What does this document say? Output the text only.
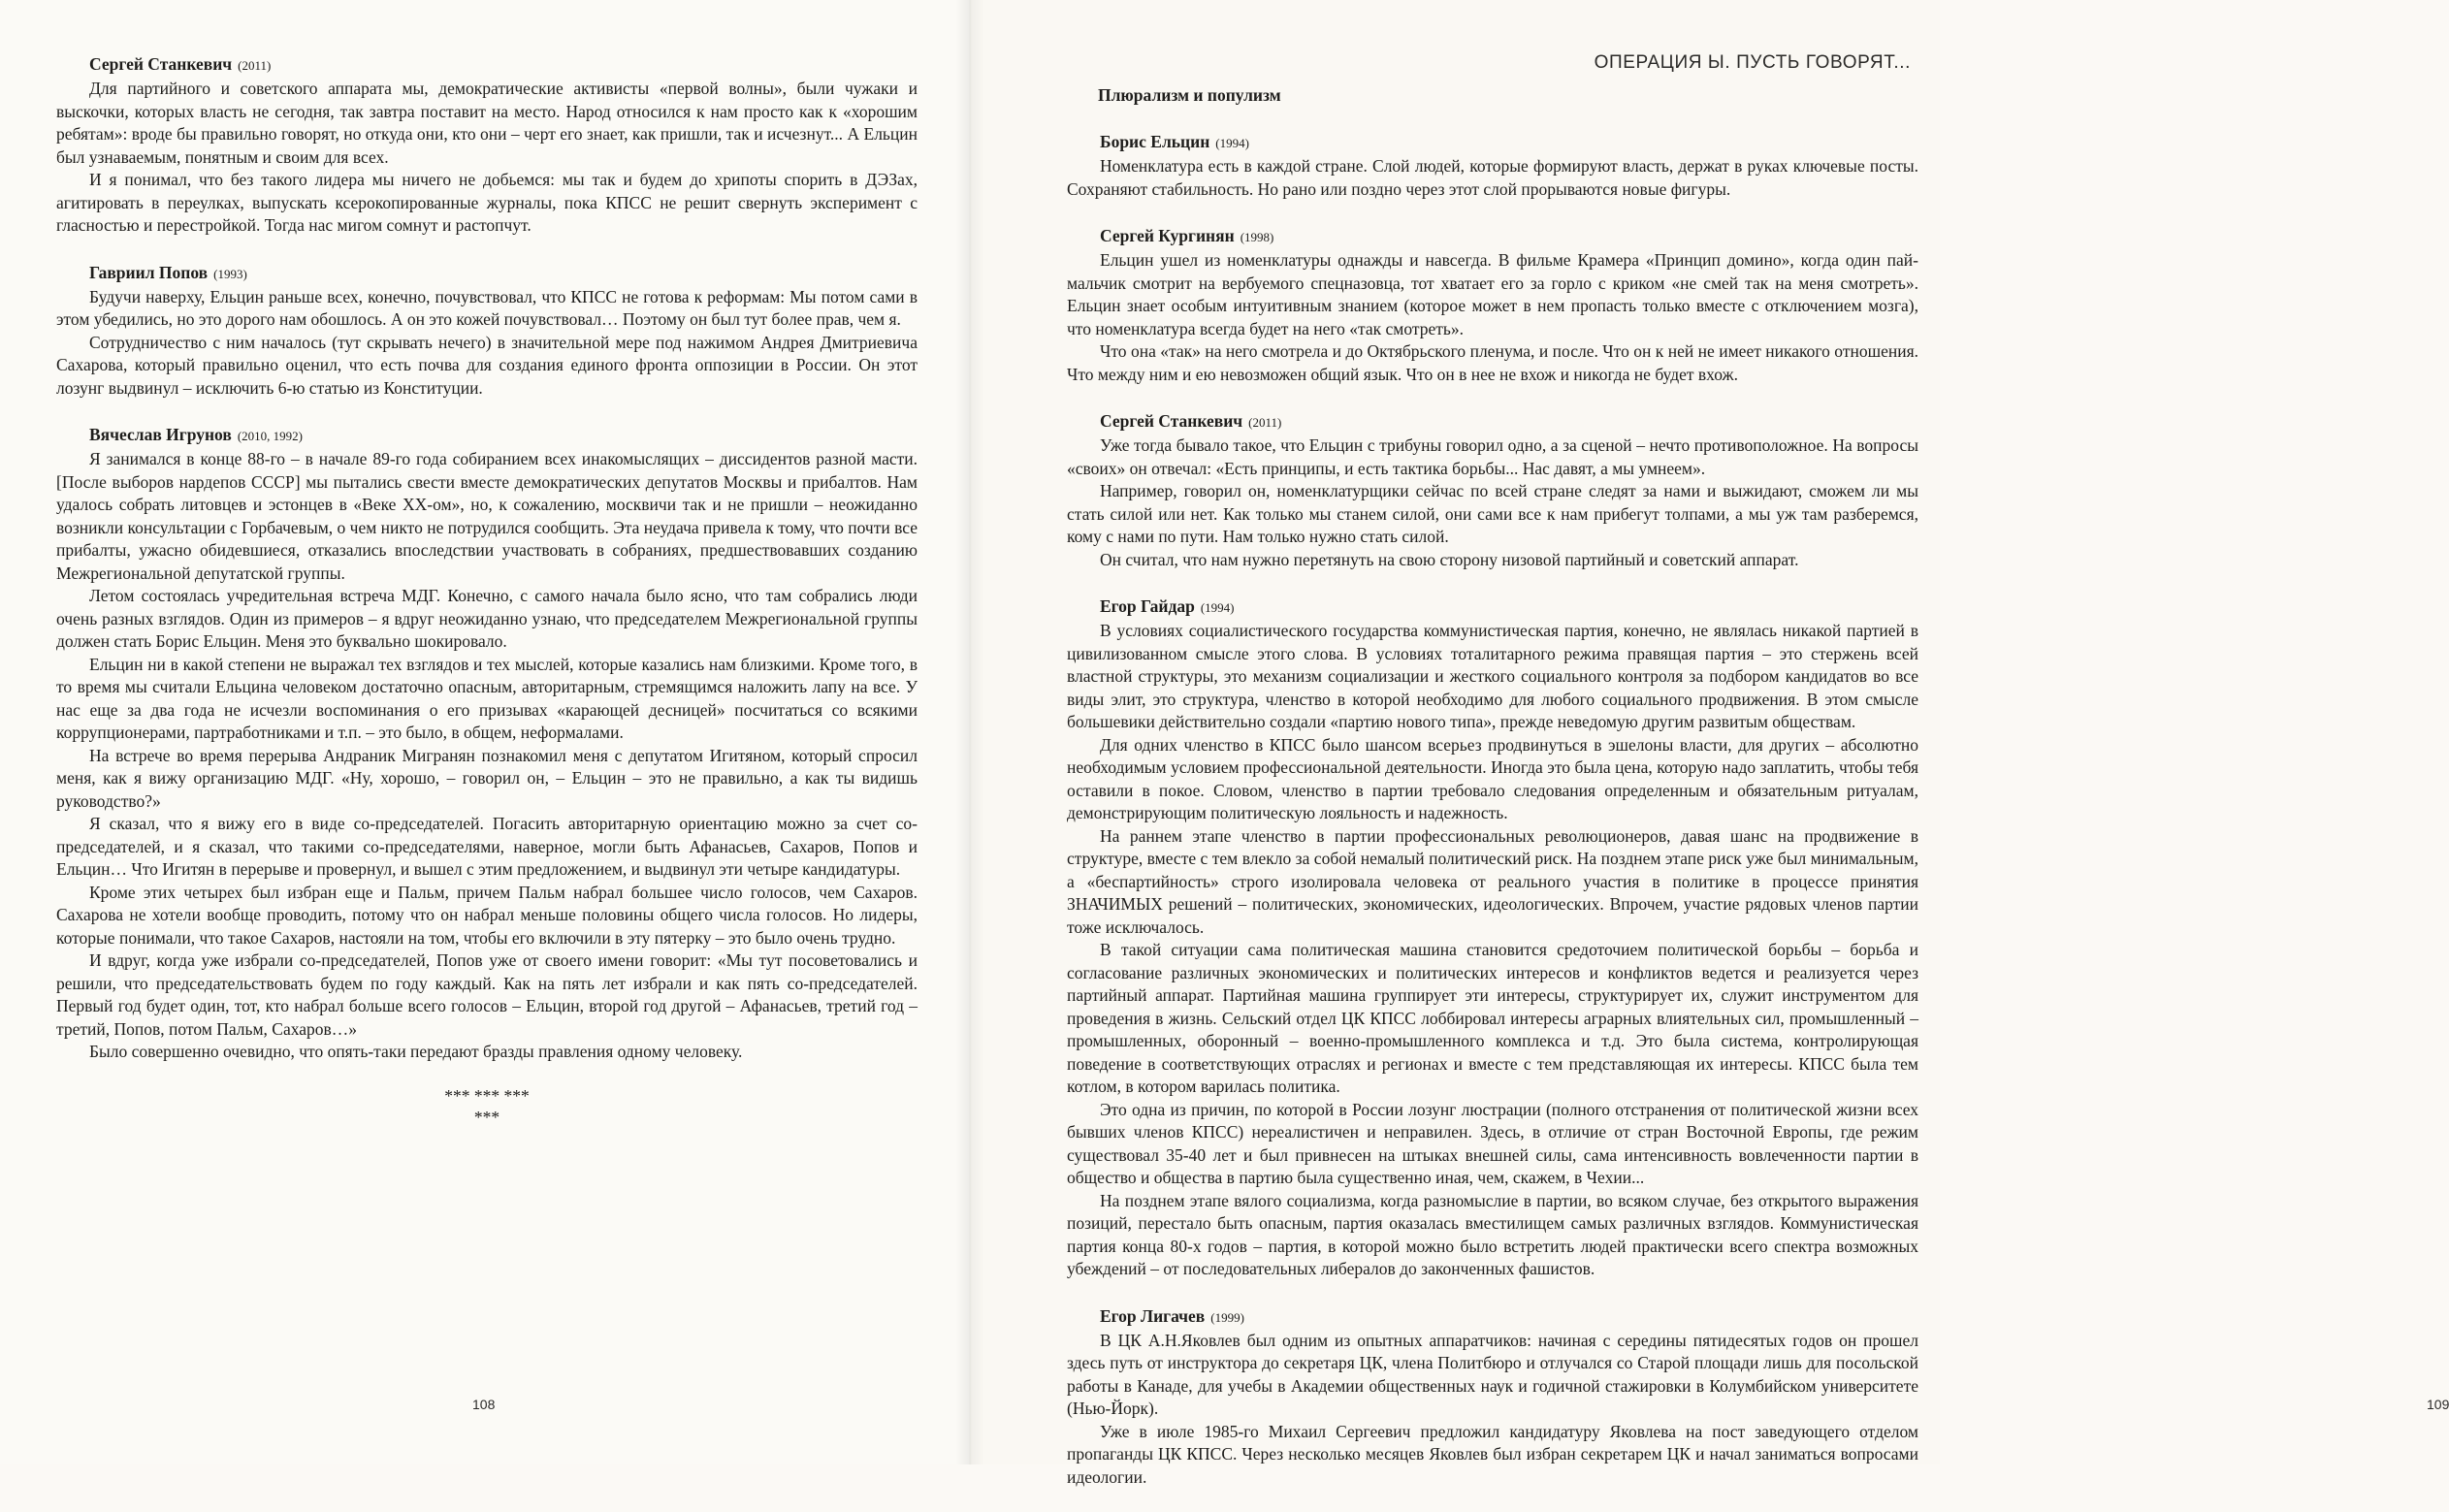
Сергей Станкевич (2011)

Для партийного и советского аппарата мы, демократические активисты «первой волны», были чужаки и выскочки, которых власть не сегодня, так завтра поставит на место. Народ относился к нам просто как к «хорошим ребятам»: вроде бы правильно говорят, но откуда они, кто они – черт его знает, как пришли, так и исчезнут... А Ельцин был узнаваемым, понятным и своим для всех.

И я понимал, что без такого лидера мы ничего не добьемся: мы так и будем до хрипоты спорить в ДЭЗах, агитировать в переулках, выпускать ксерокопированные журналы, пока КПСС не решит свернуть эксперимент с гласностью и перестройкой. Тогда нас мигом сомнут и растопчут.

Гавриил Попов (1993)

Будучи наверху, Ельцин раньше всех, конечно, почувствовал, что КПСС не готова к реформам: Мы потом сами в этом убедились, но это дорого нам обошлось. А он это кожей почувствовал… Поэтому он был тут более прав, чем я.

Сотрудничество с ним началось (тут скрывать нечего) в значительной мере под нажимом Андрея Дмитриевича Сахарова, который правильно оценил, что есть почва для создания единого фронта оппозиции в России. Он этот лозунг выдвинул – исключить 6-ю статью из Конституции.

Вячеслав Игрунов (2010, 1992)

Я занимался в конце 88-го – в начале 89-го года собиранием всех инакомыслящих – диссидентов разной масти. [После выборов нардепов СССР] мы пытались свести вместе демократических депутатов Москвы и прибалтов. Нам удалось собрать литовцев и эстонцев в «Веке ХХ-ом», но, к сожалению, москвичи так и не пришли – неожиданно возникли консультации с Горбачевым, о чем никто не потрудился сообщить. Эта неудача привела к тому, что почти все прибалты, ужасно обидевшиеся, отказались впоследствии участвовать в собраниях, предшествовавших созданию Межрегиональной депутатской группы.

Летом состоялась учредительная встреча МДГ. Конечно, с самого начала было ясно, что там собрались люди очень разных взглядов. Один из примеров – я вдруг неожиданно узнаю, что председателем Межрегиональной группы должен стать Борис Ельцин. Меня это буквально шокировало.

Ельцин ни в какой степени не выражал тех взглядов и тех мыслей, которые казались нам близкими. Кроме того, в то время мы считали Ельцина человеком достаточно опасным, авторитарным, стремящимся наложить лапу на все. У нас еще за два года не исчезли воспоминания о его призывах «карающей десницей» посчитаться со всякими коррупционерами, партработниками и т.п. – это было, в общем, неформалами.

На встрече во время перерыва Андраник Мигранян познакомил меня с депутатом Игитяном, который спросил меня, как я вижу организацию МДГ. «Ну, хорошо, – говорил он, – Ельцин – это не правильно, а как ты видишь руководство?»

Я сказал, что я вижу его в виде со-председателей. Погасить авторитарную ориентацию можно за счет со-председателей, и я сказал, что такими со-председателями, наверное, могли быть Афанасьев, Сахаров, Попов и Ельцин… Что Игитян в перерыве и провернул, и вышел с этим предложением, и выдвинул эти четыре кандидатуры.

Кроме этих четырех был избран еще и Пальм, причем Пальм набрал большее число голосов, чем Сахаров. Сахарова не хотели вообще проводить, потому что он набрал меньше половины общего числа голосов. Но лидеры, которые понимали, что такое Сахаров, настояли на том, чтобы его включили в эту пятерку – это было очень трудно.

И вдруг, когда уже избрали со-председателей, Попов уже от своего имени говорит: «Мы тут посоветовались и решили, что председательствовать будем по году каждый. Как на пять лет избрали и как пять со-председателей. Первый год будет один, тот, кто набрал больше всего голосов – Ельцин, второй год другой – Афанасьев, третий год – третий, Попов, потом Пальм, Сахаров…»

Было совершенно очевидно, что опять-таки передают бразды правления одному человеку.

*** *** ***
***
108
ОПЕРАЦИЯ Ы. ПУСТЬ ГОВОРЯТ...
Плюрализм и популизм
Борис Ельцин (1994)

Номенклатура есть в каждой стране. Слой людей, которые формируют власть, держат в руках ключевые посты. Сохраняют стабильность. Но рано или поздно через этот слой прорываются новые фигуры.

Сергей Кургинян (1998)

Ельцин ушел из номенклатуры однажды и навсегда. В фильме Крамера «Принцип домино», когда один пай-мальчик смотрит на вербуемого спецназовца, тот хватает его за горло с криком «не смей так на меня смотреть». Ельцин знает особым интуитивным знанием (которое может в нем пропасть только вместе с отключением мозга), что номенклатура всегда будет на него «так смотреть».

Что она «так» на него смотрела и до Октябрьского пленума, и после. Что он к ней не имеет никакого отношения. Что между ним и ею невозможен общий язык. Что он в нее не вхож и никогда не будет вхож.

Сергей Станкевич (2011)

Уже тогда бывало такое, что Ельцин с трибуны говорил одно, а за сценой – нечто противоположное. На вопросы «своих» он отвечал: «Есть принципы, и есть тактика борьбы... Нас давят, а мы умнеем».

Например, говорил он, номенклатурщики сейчас по всей стране следят за нами и выжидают, сможем ли мы стать силой или нет. Как только мы станем силой, они сами все к нам прибегут толпами, а мы уж там разберемся, кому с нами по пути. Нам только нужно стать силой.

Он считал, что нам нужно перетянуть на свою сторону низовой партийный и советский аппарат.

Егор Гайдар (1994)

В условиях социалистического государства коммунистическая партия, конечно, не являлась никакой партией в цивилизованном смысле этого слова. В условиях тоталитарного режима правящая партия – это стержень всей властной структуры, это механизм социализации и жесткого социального контроля за подбором кандидатов во все виды элит, это структура, членство в которой необходимо для любого социального продвижения. В этом смысле большевики действительно создали «партию нового типа», прежде неведомую другим развитым обществам.

Для одних членство в КПСС было шансом всерьез продвинуться в эшелоны власти, для других – абсолютно необходимым условием профессиональной деятельности. Иногда это была цена, которую надо заплатить, чтобы тебя оставили в покое. Словом, членство в партии требовало следования определенным и обязательным ритуалам, демонстрирующим политическую лояльность и надежность.

На раннем этапе членство в партии профессиональных революционеров, давая шанс на продвижение в структуре, вместе с тем влекло за собой немалый политический риск. На позднем этапе риск уже был минимальным, а «беспартийность» строго изолировала человека от реального участия в политике в процессе принятия ЗНАЧИМЫХ решений – политических, экономических, идеологических. Впрочем, участие рядовых членов партии тоже исключалось.

В такой ситуации сама политическая машина становится средоточием политической борьбы – борьба и согласование различных экономических и политических интересов и конфликтов ведется и реализуется через партийный аппарат. Партийная машина группирует эти интересы, структурирует их, служит инструментом для проведения в жизнь. Сельский отдел ЦК КПСС лоббировал интересы аграрных влиятельных сил, промышленный – промышленных, оборонный – военно-промышленного комплекса и т.д. Это была система, контролирующая поведение в соответствующих отраслях и регионах и вместе с тем представляющая их интересы. КПСС была тем котлом, в котором варилась политика.

Это одна из причин, по которой в России лозунг люстрации (полного отстранения от политической жизни всех бывших членов КПСС) нереалистичен и неправилен. Здесь, в отличие от стран Восточной Европы, где режим существовал 35-40 лет и был привнесен на штыках внешней силы, сама интенсивность вовлеченности партии в общество и общества в партию была существенно иная, чем, скажем, в Чехии...

На позднем этапе вялого социализма, когда разномыслие в партии, во всяком случае, без открытого выражения позиций, перестало быть опасным, партия оказалась вместилищем самых различных взглядов. Коммунистическая партия конца 80-х годов – партия, в которой можно было встретить людей практически всего спектра возможных убеждений – от последовательных либералов до законченных фашистов.

Егор Лигачев (1999)

В ЦК А.Н.Яковлев был одним из опытных аппаратчиков: начиная с середины пятидесятых годов он прошел здесь путь от инструктора до секретаря ЦК, члена Политбюро и отлучался со Старой площади лишь для посольской работы в Канаде, для учебы в Академии общественных наук и годичной стажировки в Колумбийском университете (Нью-Йорк).

Уже в июле 1985-го Михаил Сергеевич предложил кандидатуру Яковлева на пост заведующего отделом пропаганды ЦК КПСС. Через несколько месяцев Яковлев был избран секретарем ЦК и начал заниматься вопросами идеологии.

109
